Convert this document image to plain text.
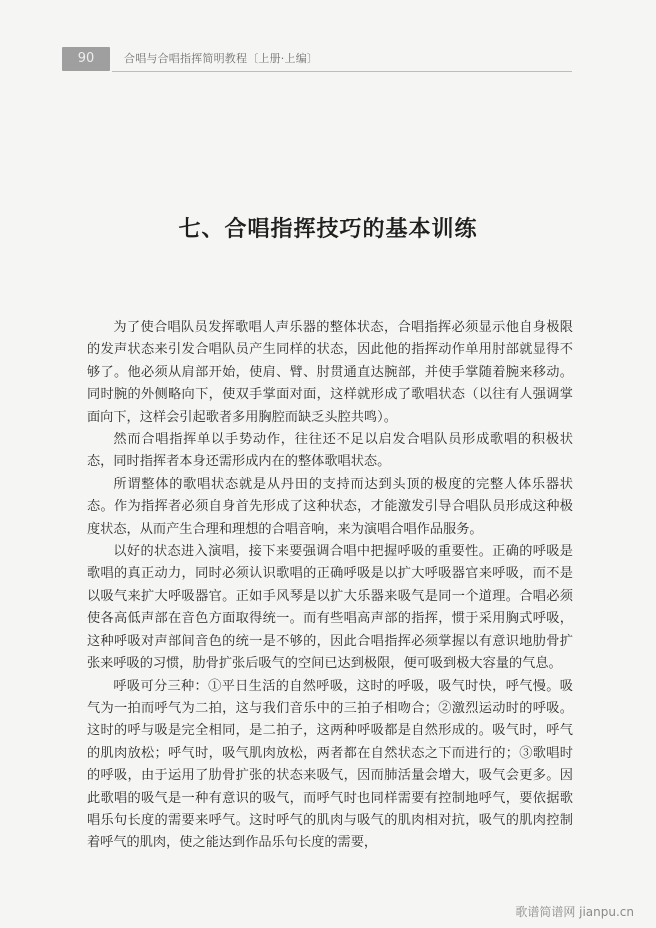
90	合唱与合唱指挥简明教程〔上册·上编〕
七、合唱指挥技巧的基本训练

为了使合唱队员发挥歌唱人声乐器的整体状态，合唱指挥必须显示他自身极限的发声状态来引发合唱队员产生同样的状态，因此他的指挥动作单用肘部就显得不够了。他必须从肩部开始，使肩、臂、肘贯通直达腕部，并使手掌随着腕来移动。同时腕的外侧略向下，使双手掌面对面，这样就形成了歌唱状态（以往有人强调掌面向下，这样会引起歌者多用胸腔而缺乏头腔共鸣）。

然而合唱指挥单以手势动作，往往还不足以启发合唱队员形成歌唱的积极状态，同时指挥者本身还需形成内在的整体歌唱状态。

所谓整体的歌唱状态就是从丹田的支持而达到头顶的极度的完整人体乐器状态。作为指挥者必须自身首先形成了这种状态，才能激发引导合唱队员形成这种极度状态，从而产生合理和理想的合唱音响，来为演唱合唱作品服务。

以好的状态进入演唱，接下来要强调合唱中把握呼吸的重要性。正确的呼吸是歌唱的真正动力，同时必须认识歌唱的正确呼吸是以扩大呼吸器官来呼吸，而不是以吸气来扩大呼吸器官。正如手风琴是以扩大乐器来吸气是同一个道理。合唱必须使各高低声部在音色方面取得统一。而有些唱高声部的指挥，惯于采用胸式呼吸，这种呼吸对声部间音色的统一是不够的，因此合唱指挥必须掌握以有意识地肋骨扩张来呼吸的习惯，肋骨扩张后吸气的空间已达到极限，便可吸到极大容量的气息。

呼吸可分三种：①平日生活的自然呼吸，这时的呼吸，吸气时快，呼气慢。吸气为一拍而呼气为二拍，这与我们音乐中的三拍子相吻合；②激烈运动时的呼吸。这时的呼与吸是完全相同，是二拍子，这两种呼吸都是自然形成的。吸气时，呼气的肌肉放松；呼气时，吸气肌肉放松，两者都在自然状态之下而进行的；③歌唱时的呼吸，由于运用了肋骨扩张的状态来吸气，因而肺活量会增大，吸气会更多。因此歌唱的吸气是一种有意识的吸气，而呼气时也同样需要有控制地呼气，要依据歌唱乐句长度的需要来呼气。这时呼气的肌肉与吸气的肌肉相对抗，吸气的肌肉控制着呼气的肌肉，使之能达到作品乐句长度的需要，

歌谱简谱网 jianpu.cn
